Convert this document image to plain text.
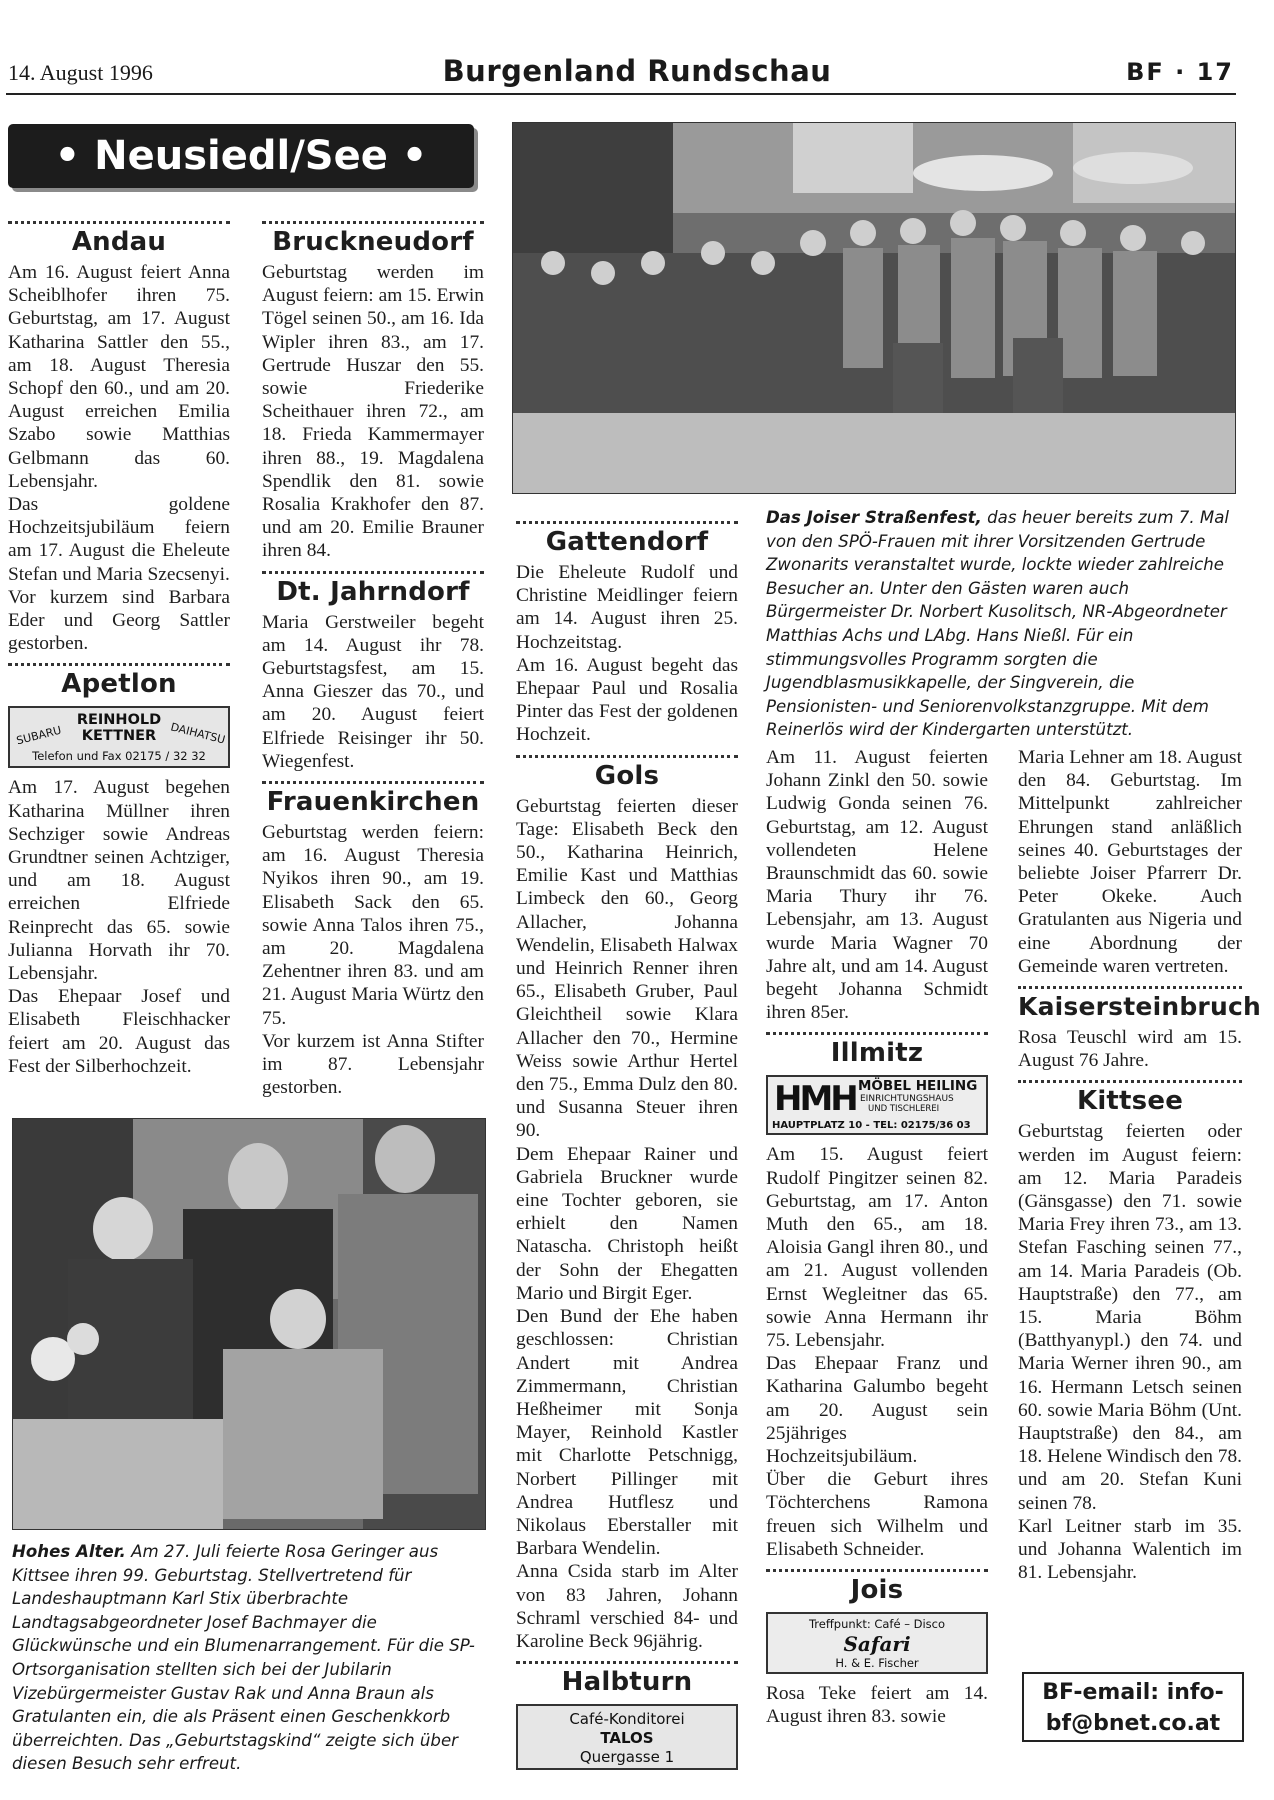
14. August 1996	Burgenland Rundschau	BF · 17
• Neusiedl/See •
Andau

Am 16. August feiert Anna Scheiblhofer ihren 75. Geburtstag, am 17. August Katharina Sattler den 55., am 18. August Theresia Schopf den 60., und am 20. August erreichen Emilia Szabo sowie Matthias Gelbmann das 60. Lebensjahr.

Das goldene Hochzeitsjubiläum feiern am 17. August die Eheleute Stefan und Maria Szecsenyi.

Vor kurzem sind Barbara Eder und Georg Sattler gestorben.

Apetlon
SUBARU
REINHOLD
KETTNER	DAIHATSU
Telefon und Fax 02175 / 32 32

Am 17. August begehen Katharina Müllner ihren Sechziger sowie Andreas Grundtner seinen Achtziger, und am 18. August erreichen Elfriede Reinprecht das 65. sowie Julianna Horvath ihr 70. Lebensjahr.

Das Ehepaar Josef und Elisabeth Fleischhacker feiert am 20. August das Fest der Silberhochzeit.

Bruckneudorf

Geburtstag werden im August feiern: am 15. Erwin Tögel seinen 50., am 16. Ida Wipler ihren 83., am 17. Gertrude Huszar den 55. sowie Friederike Scheithauer ihren 72., am 18. Frieda Kammermayer ihren 88., 19. Magdalena Spendlik den 81. sowie Rosalia Krakhofer den 87. und am 20. Emilie Brauner ihren 84.

Dt. Jahrndorf

Maria Gerstweiler begeht am 14. August ihr 78. Geburtstagsfest, am 15. Anna Gieszer das 70., und am 20. August feiert Elfriede Reisinger ihr 50. Wiegenfest.

Frauenkirchen

Geburtstag werden feiern: am 16. August Theresia Nyikos ihren 90., am 19. Elisabeth Sack den 65. sowie Anna Talos ihren 75., am 20. Magdalena Zehentner ihren 83. und am 21. August Maria Würtz den 75.

Vor kurzem ist Anna Stifter im 87. Lebensjahr gestorben.

Hohes Alter. Am 27. Juli feierte Rosa Geringer aus Kittsee ihren 99. Geburtstag. Stellvertretend für Landeshauptmann Karl Stix überbrachte Landtagsabgeordneter Josef Bachmayer die Glückwünsche und ein Blumenarrangement. Für die SP-Ortsorganisation stellten sich bei der Jubilarin Vizebürgermeister Gustav Rak und Anna Braun als Gratulanten ein, die als Präsent einen Geschenkkorb überreichten. Das „Geburtstagskind“ zeigte sich über diesen Besuch sehr erfreut.
Das Joiser Straßenfest, das heuer bereits zum 7. Mal von den SPÖ-Frauen mit ihrer Vorsitzenden Gertrude Zwonarits veranstaltet wurde, lockte wieder zahlreiche Besucher an. Unter den Gästen waren auch Bürgermeister Dr. Norbert Kusolitsch, NR-Abgeordneter Matthias Achs und LAbg. Hans Nießl. Für ein stimmungsvolles Programm sorgten die Jugendblasmusikkapelle, der Singverein, die Pensionisten- und Seniorenvolkstanzgruppe. Mit dem Reinerlös wird der Kindergarten unterstützt.
Gattendorf

Die Eheleute Rudolf und Christine Meidlinger feiern am 14. August ihren 25. Hochzeitstag.

Am 16. August begeht das Ehepaar Paul und Rosalia Pinter das Fest der goldenen Hochzeit.

Gols

Geburtstag feierten dieser Tage: Elisabeth Beck den 50., Katharina Heinrich, Emilie Kast und Matthias Limbeck den 60., Georg Allacher, Johanna Wendelin, Elisabeth Halwax und Heinrich Renner ihren 65., Elisabeth Gruber, Paul Gleichtheil sowie Klara Allacher den 70., Hermine Weiss sowie Arthur Hertel den 75., Emma Dulz den 80. und Susanna Steuer ihren 90.

Dem Ehepaar Rainer und Gabriela Bruckner wurde eine Tochter geboren, sie erhielt den Namen Natascha. Christoph heißt der Sohn der Ehegatten Mario und Birgit Eger.

Den Bund der Ehe haben geschlossen: Christian Andert mit Andrea Zimmermann, Christian Heßheimer mit Sonja Mayer, Reinhold Kastler mit Charlotte Petschnigg, Norbert Pillinger mit Andrea Hutflesz und Nikolaus Eberstaller mit Barbara Wendelin.

Anna Csida starb im Alter von 83 Jahren, Johann Schraml verschied 84- und Karoline Beck 96jährig.

Halbturn
Café-Konditorei
TALOS
Quergasse 1

Am 11. August feierten Johann Zinkl den 50. sowie Ludwig Gonda seinen 76. Geburtstag, am 12. August vollendeten Helene Braunschmidt das 60. sowie Maria Thury ihr 76. Lebensjahr, am 13. August wurde Maria Wagner 70 Jahre alt, und am 14. August begeht Johanna Schmidt ihren 85er.

Illmitz
HMH MÖBEL HEILING
EINRICHTUNGSHAUS
UND TISCHLEREI
HAUPTPLATZ 10 - TEL: 02175/36 03

Am 15. August feiert Rudolf Pingitzer seinen 82. Geburtstag, am 17. Anton Muth den 65., am 18. Aloisia Gangl ihren 80., und am 21. August vollenden Ernst Wegleitner das 65. sowie Anna Hermann ihr 75. Lebensjahr.

Das Ehepaar Franz und Katharina Galumbo begeht am 20. August sein 25jähriges Hochzeitsjubiläum.

Über die Geburt ihres Töchterchens Ramona freuen sich Wilhelm und Elisabeth Schneider.

Jois
Treffpunkt: Café – Disco
Safari
H. & E. Fischer

Rosa Teke feiert am 14. August ihren 83. sowie

Maria Lehner am 18. August den 84. Geburtstag. Im Mittelpunkt zahlreicher Ehrungen stand anläßlich seines 40. Geburtstages der beliebte Joiser Pfarrerr Dr. Peter Okeke. Auch Gratulanten aus Nigeria und eine Abordnung der Gemeinde waren vertreten.

Kaisersteinbruch

Rosa Teuschl wird am 15. August 76 Jahre.

Kittsee

Geburtstag feierten oder werden im August feiern: am 12. Maria Paradeis (Gänsgasse) den 71. sowie Maria Frey ihren 73., am 13. Stefan Fasching seinen 77., am 14. Maria Paradeis (Ob. Hauptstraße) den 77., am 15. Maria Böhm (Batthyanypl.) den 74. und Maria Werner ihren 90., am 16. Hermann Letsch seinen 60. sowie Maria Böhm (Unt. Hauptstraße) den 84., am 18. Helene Windisch den 78. und am 20. Stefan Kuni seinen 78.

Karl Leitner starb im 35. und Johanna Walentich im 81. Lebensjahr.

BF-email: info-
bf@bnet.co.at
